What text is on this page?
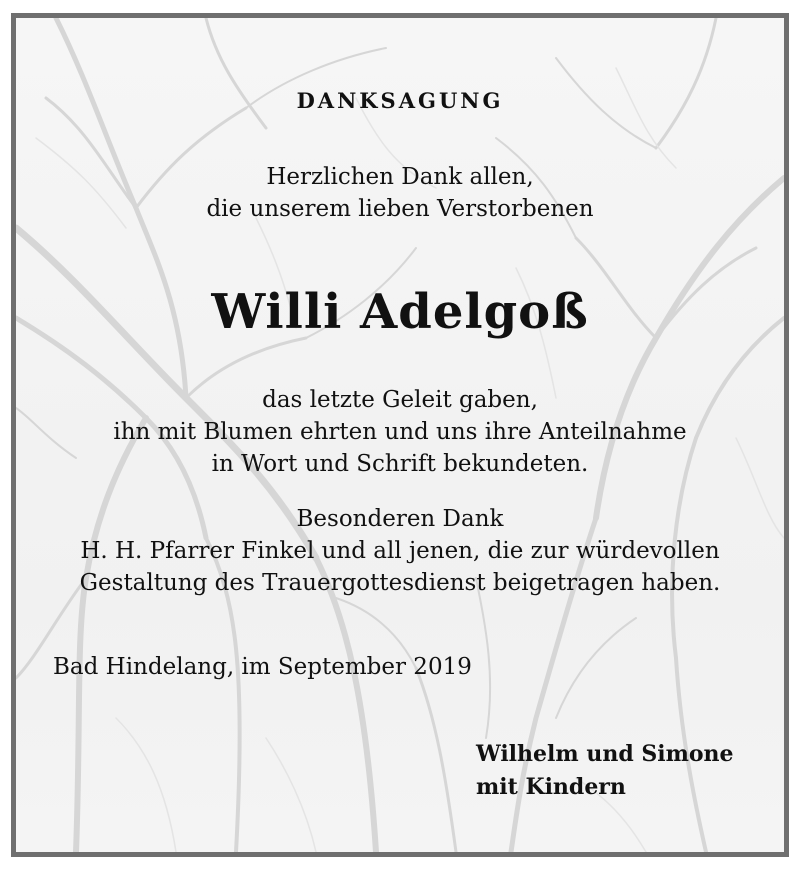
DANKSAGUNG

Herzlichen Dank allen,
die unserem lieben Verstorbenen

Willi Adelgoß

das letzte Geleit gaben,
ihn mit Blumen ehrten und uns ihre Anteilnahme
in Wort und Schrift bekundeten.

Besonderen Dank
H. H. Pfarrer Finkel und all jenen, die zur würdevollen
Gestaltung des Trauergottesdienst beigetragen haben.

Bad Hindelang, im September 2019

Wilhelm und Simone
mit Kindern
